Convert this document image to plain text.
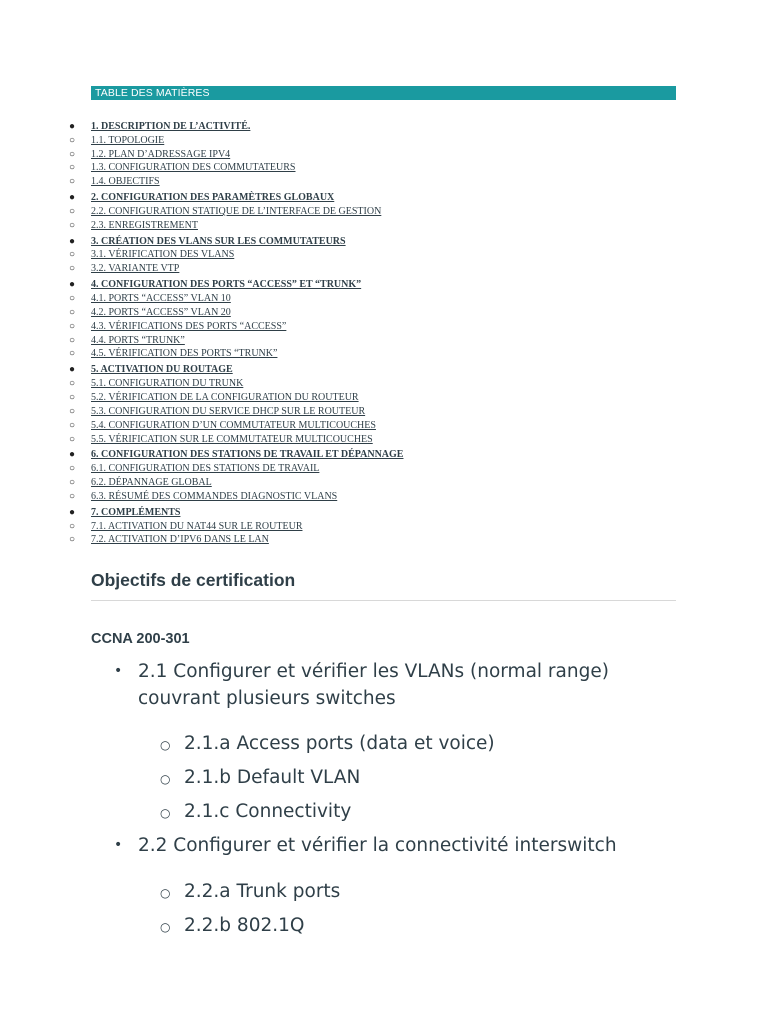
TABLE DES MATIÈRES
● 1. DESCRIPTION DE L’ACTIVITÉ.
○ 1.1. TOPOLOGIE
○ 1.2. PLAN D’ADRESSAGE IPV4
○ 1.3. CONFIGURATION DES COMMUTATEURS
○ 1.4. OBJECTIFS
● 2. CONFIGURATION DES PARAMÈTRES GLOBAUX
○ 2.2. CONFIGURATION STATIQUE DE L’INTERFACE DE GESTION
○ 2.3. ENREGISTREMENT
● 3. CRÉATION DES VLANS SUR LES COMMUTATEURS
○ 3.1. VÉRIFICATION DES VLANS
○ 3.2. VARIANTE VTP
● 4. CONFIGURATION DES PORTS “ACCESS” ET “TRUNK”
○ 4.1. PORTS “ACCESS” VLAN 10
○ 4.2. PORTS “ACCESS” VLAN 20
○ 4.3. VÉRIFICATIONS DES PORTS “ACCESS”
○ 4.4. PORTS “TRUNK”
○ 4.5. VÉRIFICATION DES PORTS “TRUNK”
● 5. ACTIVATION DU ROUTAGE
○ 5.1. CONFIGURATION DU TRUNK
○ 5.2. VÉRIFICATION DE LA CONFIGURATION DU ROUTEUR
○ 5.3. CONFIGURATION DU SERVICE DHCP SUR LE ROUTEUR
○ 5.4. CONFIGURATION D’UN COMMUTATEUR MULTICOUCHES
○ 5.5. VÉRIFICATION SUR LE COMMUTATEUR MULTICOUCHES
● 6. CONFIGURATION DES STATIONS DE TRAVAIL ET DÉPANNAGE
○ 6.1. CONFIGURATION DES STATIONS DE TRAVAIL
○ 6.2. DÉPANNAGE GLOBAL
○ 6.3. RÉSUMÉ DES COMMANDES DIAGNOSTIC VLANS
● 7. COMPLÉMENTS
○ 7.1. ACTIVATION DU NAT44 SUR LE ROUTEUR
○ 7.2. ACTIVATION D’IPV6 DANS LE LAN
Objectifs de certification
CCNA 200-301
• 2.1 Configurer et vérifier les VLANs (normal range) couvrant plusieurs switches
○ 2.1.a Access ports (data et voice)
○ 2.1.b Default VLAN
○ 2.1.c Connectivity
• 2.2 Configurer et vérifier la connectivité interswitch
○ 2.2.a Trunk ports
○ 2.2.b 802.1Q
